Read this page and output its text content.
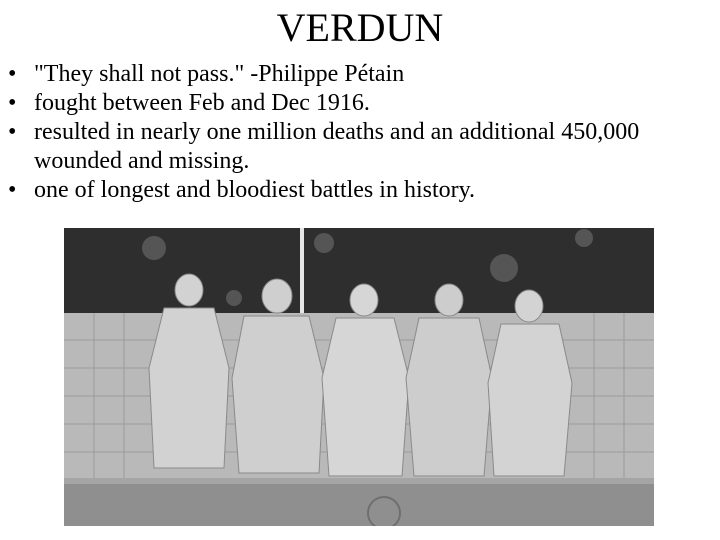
VERDUN
• "They shall not pass." -Philippe Pétain
• fought between Feb and Dec 1916.
• resulted in nearly one million deaths and an additional 450,000 wounded and missing.
• one of longest and bloodiest battles in history.
